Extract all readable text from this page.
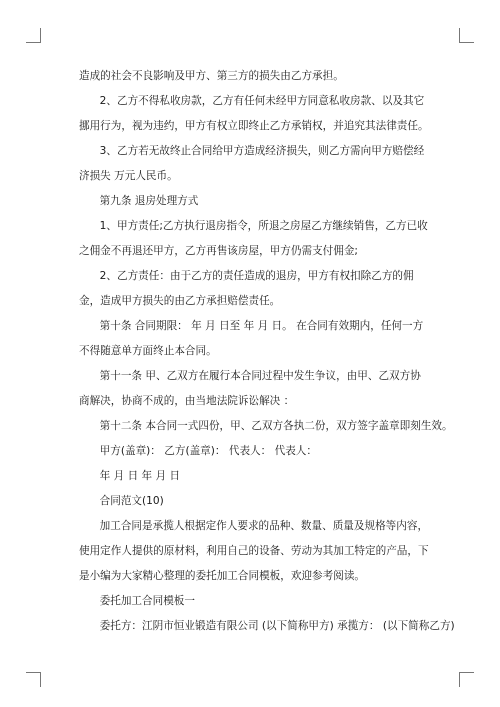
造成的社会不良影响及甲方、第三方的损失由乙方承担。

2、乙方不得私收房款，乙方有任何未经甲方同意私收房款、以及其它挪用行为，视为违约，甲方有权立即终止乙方承销权，并追究其法律责任。

3、乙方若无故终止合同给甲方造成经济损失，则乙方需向甲方赔偿经济损失 万元人民币。

第九条 退房处理方式

1、甲方责任;乙方执行退房指令，所退之房屋乙方继续销售，乙方已收之佣金不再退还甲方，乙方再售该房屋，甲方仍需支付佣金;

2、乙方责任：由于乙方的责任造成的退房，甲方有权扣除乙方的佣金，造成甲方损失的由乙方承担赔偿责任。

第十条 合同期限： 年 月 日至 年 月 日。 在合同有效期内，任何一方不得随意单方面终止本合同。

第十一条 甲、乙双方在履行本合同过程中发生争议，由甲、乙双方协商解决，协商不成的，由当地法院诉讼解决 ：

第十二条 本合同一式四份，甲、乙双方各执二份，双方签字盖章即刻生效。

甲方(盖章)： 乙方(盖章)： 代表人： 代表人：

年 月 日 年 月 日

合同范文(10)

加工合同是承揽人根据定作人要求的品种、数量、质量及规格等内容，使用定作人提供的原材料，利用自己的设备、劳动为其加工特定的产品，下是小编为大家精心整理的委托加工合同模板，欢迎参考阅读。

委托加工合同模板一

委托方：江阴市恒业锻造有限公司 (以下简称甲方) 承揽方： (以下简称乙方)
